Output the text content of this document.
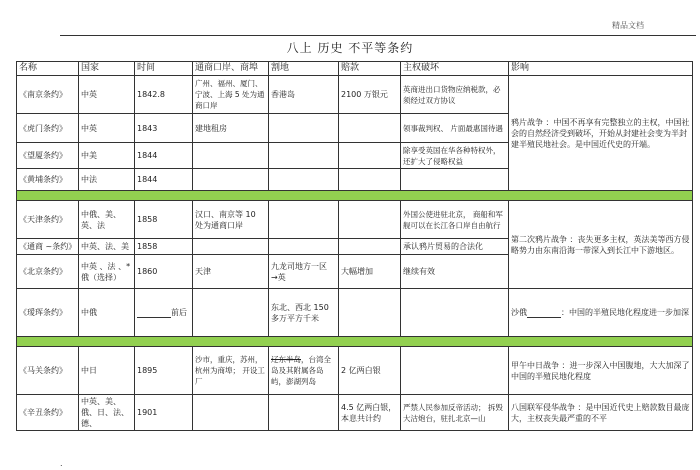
精品文档
八上 历史 不平等条约
名称	国家	时间	通商口岸、商埠	割地	赔款	主权破坏	影响
《南京条约》	中英	1842.8	广州、福州、厦门、宁波、上海 5 处为通商口岸	香港岛	2100 万银元	英商进出口货物应纳税款，必须经过双方协议	鸦片战争 ：中国不再享有完整独立的主权，中国社会的自然经济受到破坏，开始从封建社会变为半封建半殖民地社会。是中国近代史的开端。
《虎门条约》	中英	1843	建地租房			领事裁判权、 片面最惠国待遇	
《望厦条约》	中美	1844				除享受英国在华各种特权外，还扩大了侵略权益	
《黄埔条约》	中法	1844					

《天津条约》	中俄、美、英、法	1858	汉口、南京等 10 处为通商口岸			外国公使进驻北京， 商船和军舰可以在长江各口岸自由航行	第二次鸦片战争 ：丧失更多主权，英法美等西方侵略势力由东南沿海一带深入到长江中下游地区。
《通商 ~条约》	中英、法、美	1858				承认鸦片贸易的合法化	
《北京条约》	中英 、法 、*俄（选择）	1860	天津	九龙司地方一区 →英	大幅增加	继续有效	
《瑷珲条约》	中俄	前后		东北、西北 150 多万平方千米			沙俄 ：中国的半殖民地化程度进一步加深

《马关条约》	中日	1895	沙市，重庆，苏州，杭州为商埠； 开设工厂	辽东半岛，台湾全岛及其附属各岛屿，澎湖列岛	2 亿两白银		甲午中日战争 ：进一步深入中国腹地，大大加深了中国的半殖民地化程度
《辛丑条约》	中英、美、俄、日、法、德、	1901			4.5 亿两白银，本息共计约	严禁人民参加反帝活动； 拆毁大沽炮台，驻扎北京—山	八国联军侵华战争 ：是中国近代史上赔款数目最庞大，主权丧失最严重的不平
.
